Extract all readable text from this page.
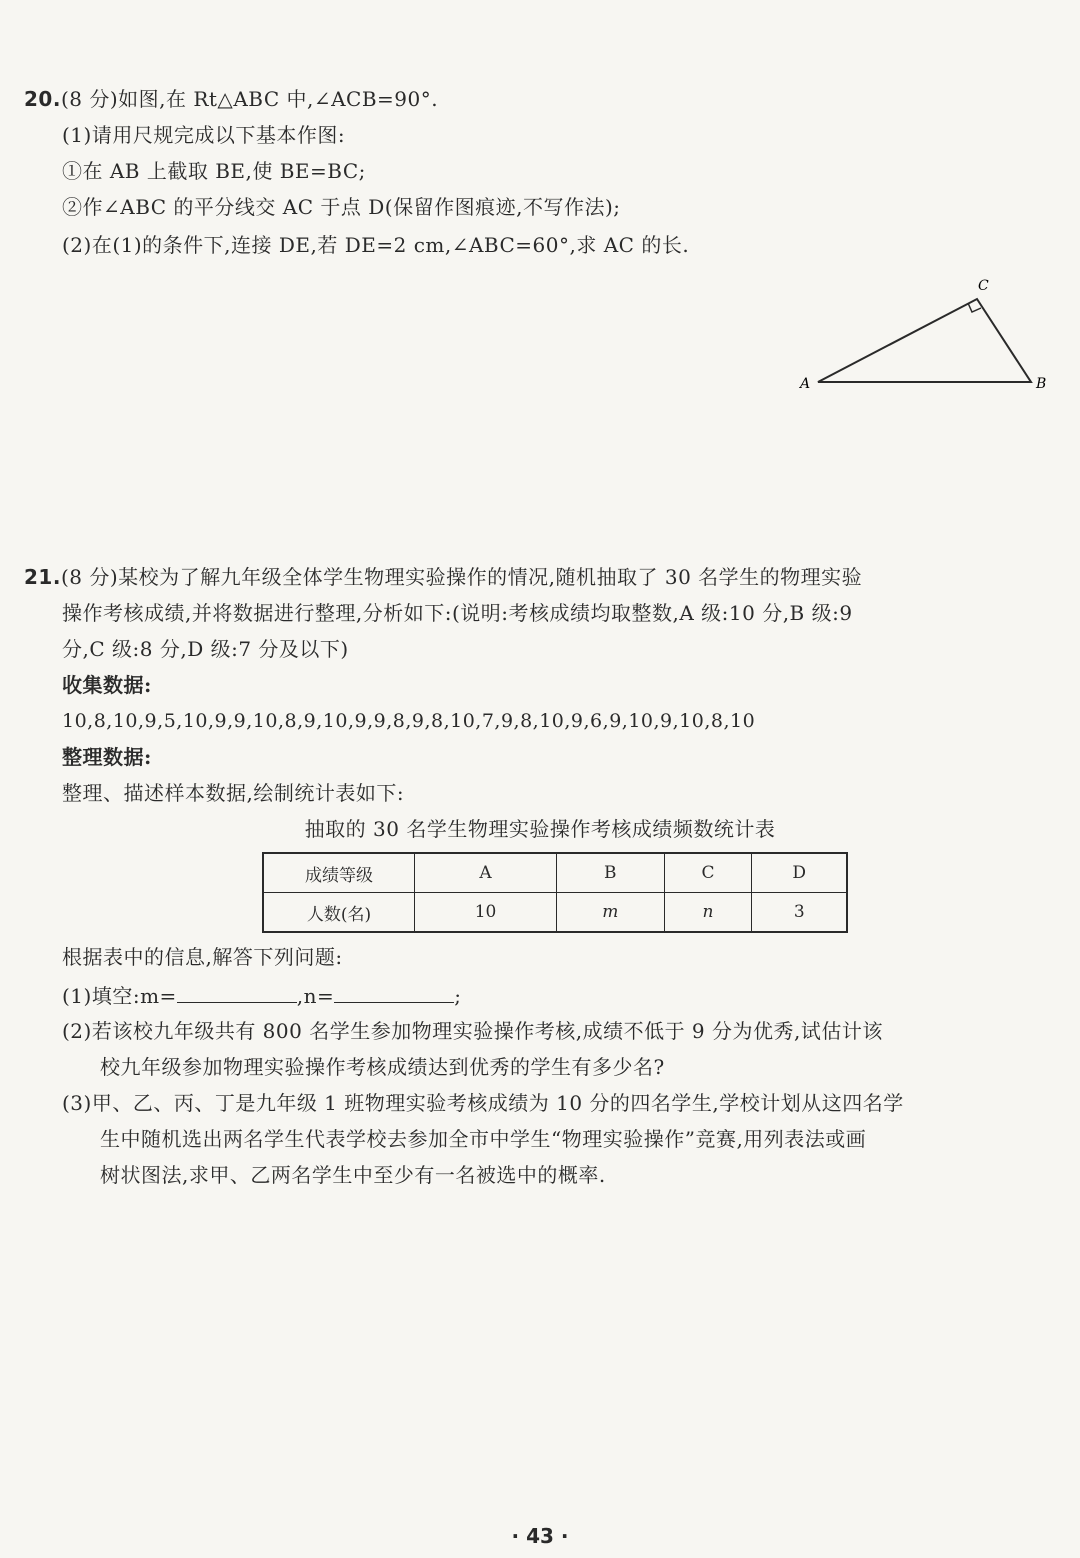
20.(8 分)如图,在 Rt△ABC 中,∠ACB=90°.
(1)请用尺规完成以下基本作图:
①在 AB 上截取 BE,使 BE=BC;
②作∠ABC 的平分线交 AC 于点 D(保留作图痕迹,不写作法);
(2)在(1)的条件下,连接 DE,若 DE=2 cm,∠ABC=60°,求 AC 的长.
A	B
C
21.(8 分)某校为了解九年级全体学生物理实验操作的情况,随机抽取了 30 名学生的物理实验
操作考核成绩,并将数据进行整理,分析如下:(说明:考核成绩均取整数,A 级:10 分,B 级:9
分,C 级:8 分,D 级:7 分及以下)
收集数据:
10,8,10,9,5,10,9,9,10,8,9,10,9,9,8,9,8,10,7,9,8,10,9,6,9,10,9,10,8,10
整理数据:
整理、描述样本数据,绘制统计表如下:
抽取的 30 名学生物理实验操作考核成绩频数统计表
成绩等级	A	B	C	D
人数(名)	10	m	n	3
根据表中的信息,解答下列问题:
(1)填空:m=	,n=	;
(2)若该校九年级共有 800 名学生参加物理实验操作考核,成绩不低于 9 分为优秀,试估计该
校九年级参加物理实验操作考核成绩达到优秀的学生有多少名?
(3)甲、乙、丙、丁是九年级 1 班物理实验考核成绩为 10 分的四名学生,学校计划从这四名学
生中随机选出两名学生代表学校去参加全市中学生“物理实验操作”竞赛,用列表法或画
树状图法,求甲、乙两名学生中至少有一名被选中的概率.
· 43 ·
